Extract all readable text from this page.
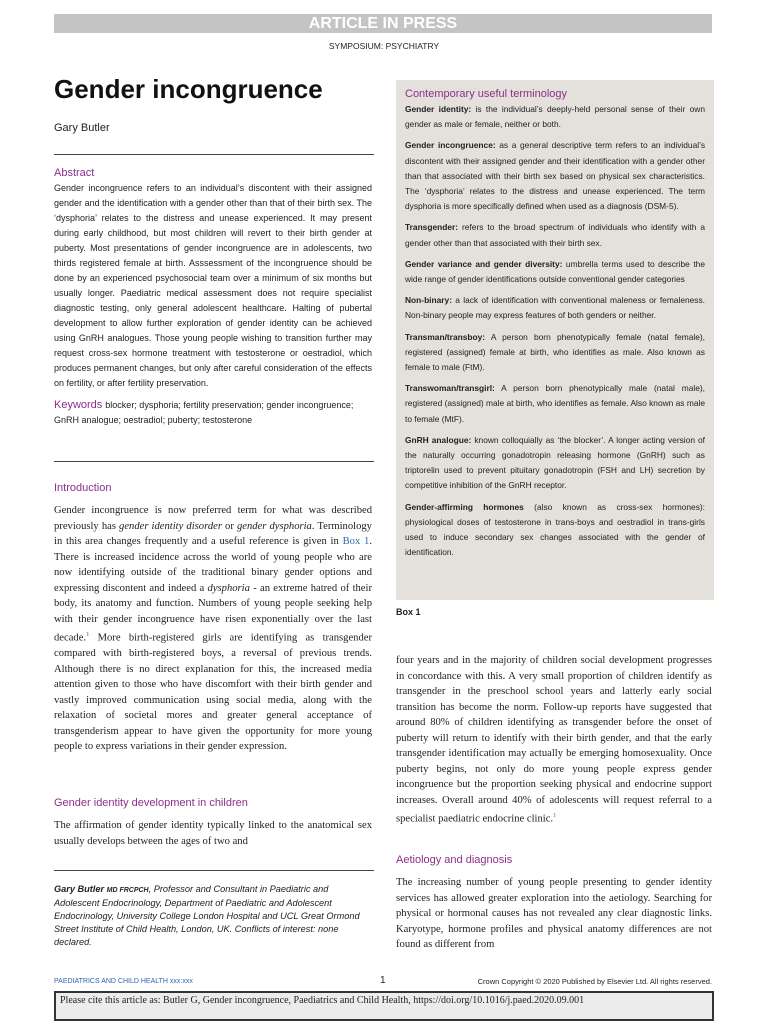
ARTICLE IN PRESS
SYMPOSIUM: PSYCHIATRY
Gender incongruence
Gary Butler
Abstract

Gender incongruence refers to an individual’s discontent with their assigned gender and the identification with a gender other than that of their birth sex. The ‘dysphoria’ relates to the distress and unease experienced. It may present during early childhood, but most children will revert to their birth gender at puberty. Most presentations of gender incongruence are in adolescents, two thirds registered female at birth. Asssessment of the incongruence should be done by an experienced psychosocial team over a minimum of six months but usually longer. Paediatric medical assessment does not require specialist diagnostic testing, only general adolescent healthcare. Halting of pubertal development to allow further exploration of gender identity can be achieved using GnRH analogues. Those young people wishing to transition further may request cross-sex hormone treatment with testosterone or oestradiol, which produces permanent changes, but only after careful consideration of the effects on fertility, or after fertility preservation.

Keywords blocker; dysphoria; fertility preservation; gender incongruence; GnRH analogue; oestradiol; puberty; testosterone

Introduction

Gender incongruence is now preferred term for what was described previously has gender identity disorder or gender dysphoria. Terminology in this area changes frequently and a useful reference is given in Box 1. There is increased incidence across the world of young people who are now identifying outside of the traditional binary gender options and expressing discontent and indeed a dysphoria - an extreme hatred of their body, its anatomy and function. Numbers of young people seeking help with their gender incongruence have risen exponentially over the last decade.$^1$ More birth-registered girls are identifying as transgender compared with birth-registered boys, a reversal of previous trends. Although there is no direct explanation for this, the increased media attention given to those who have discomfort with their birth gender and vastly improved communication using social media, along with the relaxation of societal mores and greater general acceptance of transgenderism appear to have given the opportunity for more young people to express variations in their gender expression.

Gender identity development in children

The affirmation of gender identity typically linked to the anatomical sex usually develops between the ages of two and

Contemporary useful terminology

Gender identity: is the individual’s deeply-held personal sense of their own gender as male or female, neither or both.

Gender incongruence: as a general descriptive term refers to an individual’s discontent with their assigned gender and their identification with a gender other than that associated with their birth sex based on physical sex characteristics. The ‘dysphoria’ relates to the distress and unease experienced. The term dysphoria is more specifically defined when used as a diagnosis (DSM-5).

Transgender: refers to the broad spectrum of individuals who identify with a gender other than that associated with their birth sex.

Gender variance and gender diversity: umbrella terms used to describe the wide range of gender identifications outside conventional gender categories

Non-binary: a lack of identification with conventional maleness or femaleness. Non-binary people may express features of both genders or neither.

Transman/transboy: A person born phenotypically female (natal female), registered (assigned) female at birth, who identifies as male. Also known as female to male (FtM).

Transwoman/transgirl: A person born phenotypically male (natal male), registered (assigned) male at birth, who identifies as female. Also known as male to female (MtF).

GnRH analogue: known colloquially as ‘the blocker’. A longer acting version of the naturally occurring gonadotropin releasing hormone (GnRH) such as triptorelin used to prevent pituitary gonadotropin (FSH and LH) secretion by competitive inhibition of the GnRH receptor.

Gender-affirming hormones (also known as cross-sex hormones): physiological doses of testosterone in trans-boys and oestradiol in trans-girls used to induce secondary sex changes associated with the gender of identification.

Box 1

four years and in the majority of children social development progresses in concordance with this. A very small proportion of children identify as transgender in the preschool school years and latterly early social transition has become the norm. Follow-up reports have suggested that around 80% of children identifying as transgender before the onset of puberty will return to identify with their birth gender, and that the early transgender identification may actually be emerging homosexuality. Once puberty begins, not only do more young people express gender incongruence but the proportion seeking physical and endocrine support increases. Overall around 40% of adolescents will request referral to a specialist paediatric endocrine clinic.$^1$

Aetiology and diagnosis

The increasing number of young people presenting to gender identity services has allowed greater exploration into the aetiology. Searching for physical or hormonal causes has not revealed any clear diagnostic links. Karyotype, hormone profiles and physical anatomy differences are not found as different from

Gary Butler MD FRCPCH, Professor and Consultant in Paediatric and Adolescent Endocrinology, Department of Paediatric and Adolescent Endocrinology, University College London Hospital and UCL Great Ormond Street Institute of Child Health, London, UK. Conflicts of interest: none declared.

PAEDIATRICS AND CHILD HEALTH xxx:xxx	1	Crown Copyright © 2020 Published by Elsevier Ltd. All rights reserved.
Please cite this article as: Butler G, Gender incongruence, Paediatrics and Child Health, https://doi.org/10.1016/j.paed.2020.09.001
